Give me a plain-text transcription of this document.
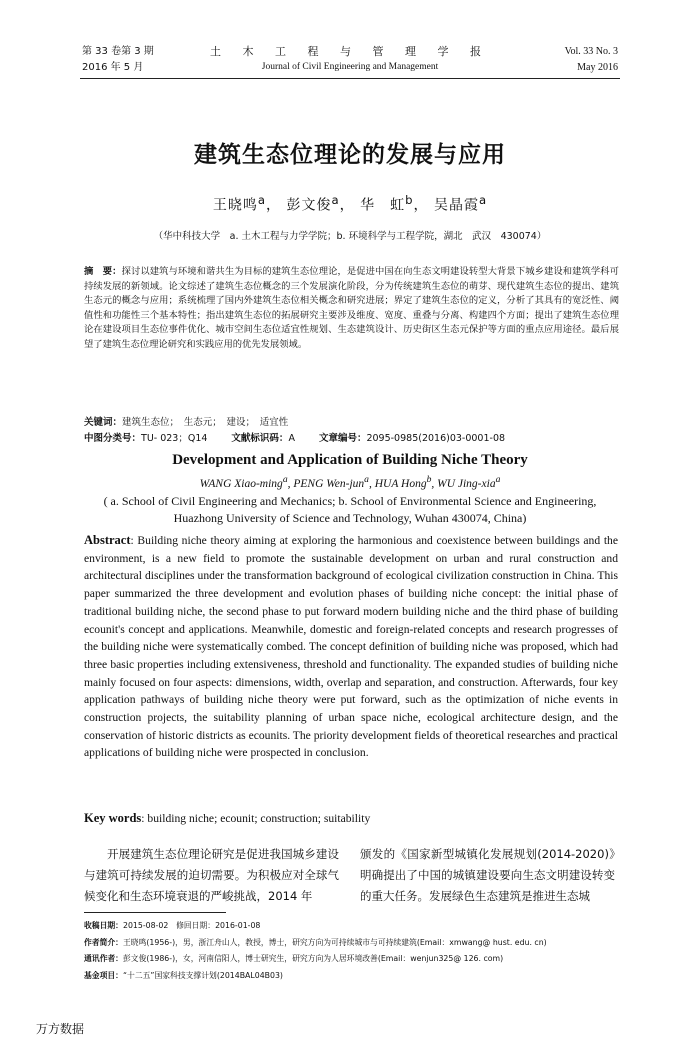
第 33 卷第 3 期
2016 年 5 月
土 木 工 程 与 管 理 学 报
Journal of Civil Engineering and Management
Vol. 33 No. 3
May 2016
建筑生态位理论的发展与应用
王晓鸣$^a$， 彭文俊$^a$， 华　虹$^b$， 吴晶霞$^a$
（华中科技大学　a. 土木工程与力学学院；b. 环境科学与工程学院，湖北　武汉　430074）
摘　要：探讨以建筑与环境和谐共生为目标的建筑生态位理论，是促进中国在向生态文明建设转型大背景下城乡建设和建筑学科可持续发展的新领域。论文综述了建筑生态位概念的三个发展演化阶段，分为传统建筑生态位的萌芽、现代建筑生态位的提出、建筑生态元的概念与应用；系统梳理了国内外建筑生态位相关概念和研究进展；界定了建筑生态位的定义，分析了其具有的宽泛性、阈值性和功能性三个基本特性；指出建筑生态位的拓展研究主要涉及维度、宽度、重叠与分离、构建四个方面；提出了建筑生态位理论在建设项目生态位事件优化、城市空间生态位适宜性规划、生态建筑设计、历史街区生态元保护等方面的重点应用途径。最后展望了建筑生态位理论研究和实践应用的优先发展领域。
关键词：建筑生态位；　生态元；　建设；　适宜性
中图分类号：TU- 023；Q14	文献标识码：A	文章编号：2095-0985(2016)03-0001-08
Development and Application of Building Niche Theory
WANG Xiao-ming$^a$, PENG Wen-jun$^a$, HUA Hong$^b$, WU Jing-xia$^a$
( a. School of Civil Engineering and Mechanics; b. School of Environmental Science and Engineering, Huazhong University of Science and Technology, Wuhan 430074, China)
Abstract: Building niche theory aiming at exploring the harmonious and coexistence between buildings and the environment, is a new field to promote the sustainable development on urban and rural construction and architectural disciplines under the transformation background of ecological civilization construction in China. This paper summarized the three development and evolution phases of building niche concept: the initial phase of traditional building niche, the second phase to put forward modern building niche and the third phase of building ecounit's concept and applications. Meanwhile, domestic and foreign-related concepts and research progresses of the building niche were systematically combed. The concept definition of building niche was proposed, which had three basic properties including extensiveness, threshold and functionality. The expanded studies of building niche mainly focused on four aspects: dimensions, width, overlap and separation, and construction. Afterwards, four key application pathways of building niche theory were put forward, such as the optimization of niche events in construction projects, the suitability planning of urban space niche, ecological architecture design, and the conservation of historic districts as ecounits. The priority development fields of theoretical researches and practical applications of building niche were prospected in conclusion.
Key words: building niche; ecounit; construction; suitability
开展建筑生态位理论研究是促进我国城乡建设与建筑可持续发展的迫切需要。为积极应对全球气候变化和生态环境衰退的严峻挑战，2014 年
颁发的《国家新型城镇化发展规划(2014-2020)》明确提出了中国的城镇建设要向生态文明建设转变的重大任务。发展绿色生态建筑是推进生态城
收稿日期：2015-08-02　修回日期：2016-01-08
作者简介：王晓鸣(1956-)，男，浙江舟山人，教授，博士，研究方向为可持续城市与可持续建筑(Email：xmwang@ hust. edu. cn)
通讯作者：彭文俊(1986-)，女，河南信阳人，博士研究生，研究方向为人居环境改善(Email：wenjun325@ 126. com)
基金项目：“十二五”国家科技支撑计划(2014BAL04B03)
万方数据
